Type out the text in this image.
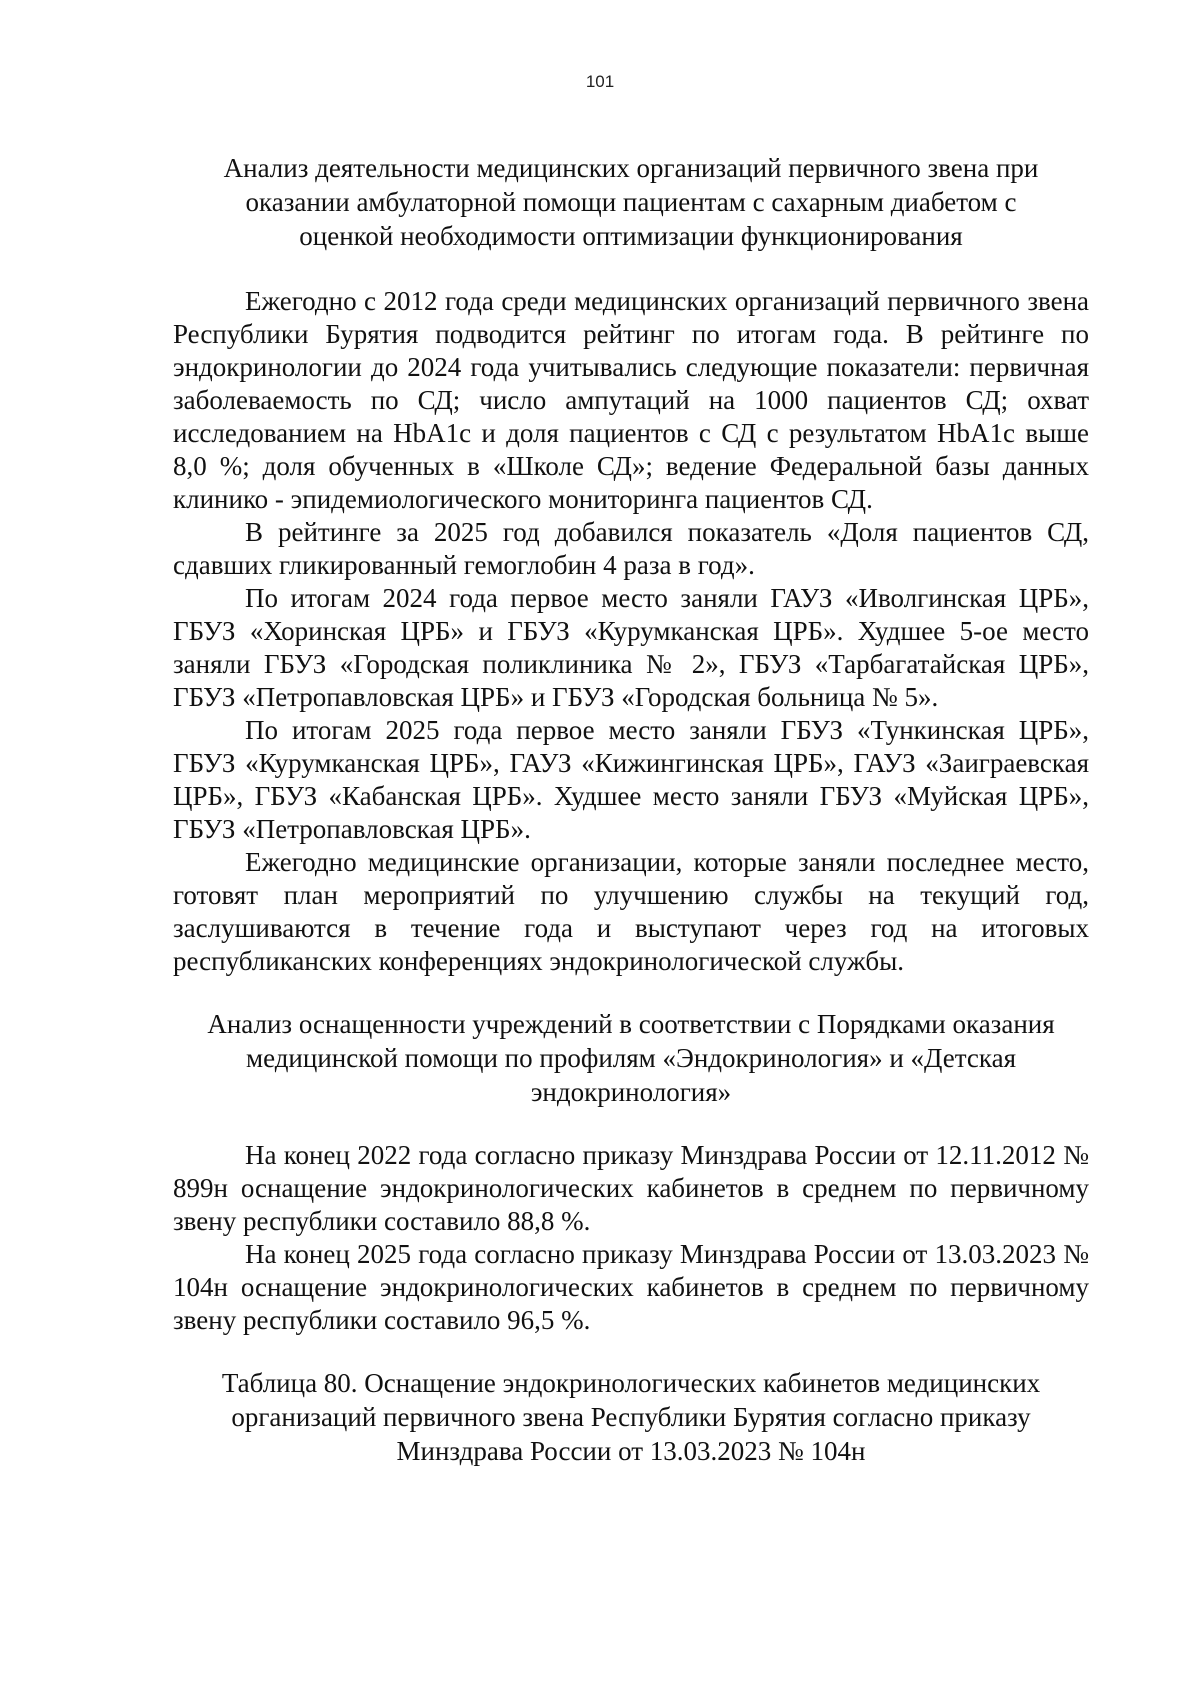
101
Анализ деятельности медицинских организаций первичного звена при
оказании амбулаторной помощи пациентам с сахарным диабетом с
оценкой необходимости оптимизации функционирования

Ежегодно с 2012 года среди медицинских организаций первичного звена Республики Бурятия подводится рейтинг по итогам года. В рейтинге по эндокринологии до 2024 года учитывались следующие показатели: первичная заболеваемость по СД; число ампутаций на 1000 пациентов СД; охват исследованием на HbA1c и доля пациентов с СД с результатом HbA1c выше 8,0 %; доля обученных в «Школе СД»; ведение Федеральной базы данных клинико - эпидемиологического мониторинга пациентов СД.

В рейтинге за 2025 год добавился показатель «Доля пациентов СД, сдавших гликированный гемоглобин 4 раза в год».

По итогам 2024 года первое место заняли ГАУЗ «Иволгинская ЦРБ», ГБУЗ «Хоринская ЦРБ» и ГБУЗ «Курумканская ЦРБ». Худшее 5-ое место заняли ГБУЗ «Городская поликлиника № 2», ГБУЗ «Тарбагатайская ЦРБ», ГБУЗ «Петропавловская ЦРБ» и ГБУЗ «Городская больница № 5».

По итогам 2025 года первое место заняли ГБУЗ «Тункинская ЦРБ», ГБУЗ «Курумканская ЦРБ», ГАУЗ «Кижингинская ЦРБ», ГАУЗ «Заиграевская ЦРБ», ГБУЗ «Кабанская ЦРБ». Худшее место заняли ГБУЗ «Муйская ЦРБ», ГБУЗ «Петропавловская ЦРБ».

Ежегодно медицинские организации, которые заняли последнее место, готовят план мероприятий по улучшению службы на текущий год, заслушиваются в течение года и выступают через год на итоговых республиканских конференциях эндокринологической службы.

Анализ оснащенности учреждений в соответствии с Порядками оказания
медицинской помощи по профилям «Эндокринология» и «Детская
эндокринология»

На конец 2022 года согласно приказу Минздрава России от 12.11.2012 № 899н оснащение эндокринологических кабинетов в среднем по первичному звену республики составило 88,8 %.

На конец 2025 года согласно приказу Минздрава России от 13.03.2023 № 104н оснащение эндокринологических кабинетов в среднем по первичному звену республики составило 96,5 %.

Таблица 80. Оснащение эндокринологических кабинетов медицинских
организаций первичного звена Республики Бурятия согласно приказу
Минздрава России от 13.03.2023 № 104н
